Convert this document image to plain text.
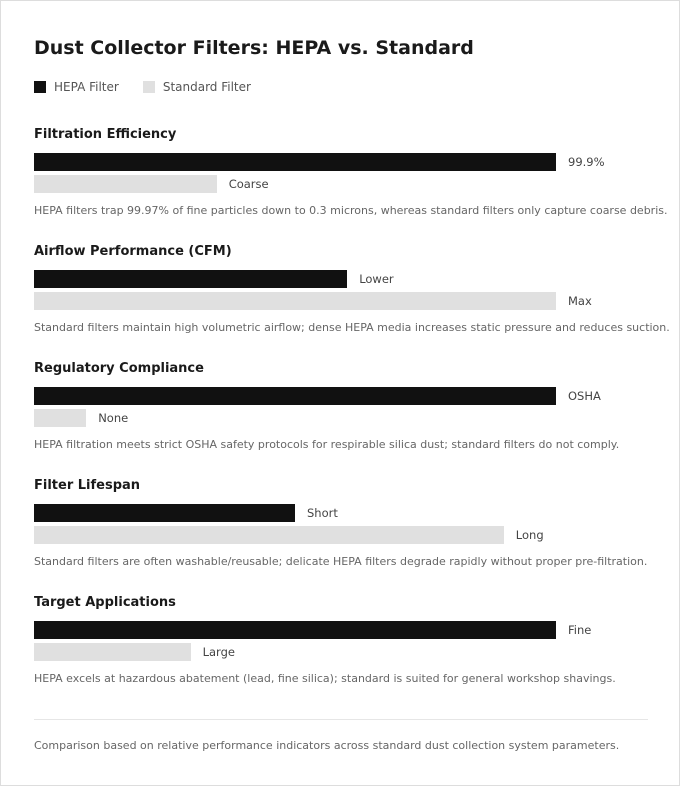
Dust Collector Filters: HEPA vs. Standard
HEPA Filter	Standard Filter
Filtration Efficiency
99.9%
Coarse
HEPA filters trap 99.97% of fine particles down to 0.3 microns, whereas standard filters only capture coarse debris.
Airflow Performance (CFM)
Lower
Max
Standard filters maintain high volumetric airflow; dense HEPA media increases static pressure and reduces suction.
Regulatory Compliance
OSHA
None
HEPA filtration meets strict OSHA safety protocols for respirable silica dust; standard filters do not comply.
Filter Lifespan
Short
Long
Standard filters are often washable/reusable; delicate HEPA filters degrade rapidly without proper pre-filtration.
Target Applications
Fine
Large
HEPA excels at hazardous abatement (lead, fine silica); standard is suited for general workshop shavings.
Comparison based on relative performance indicators across standard dust collection system parameters.
